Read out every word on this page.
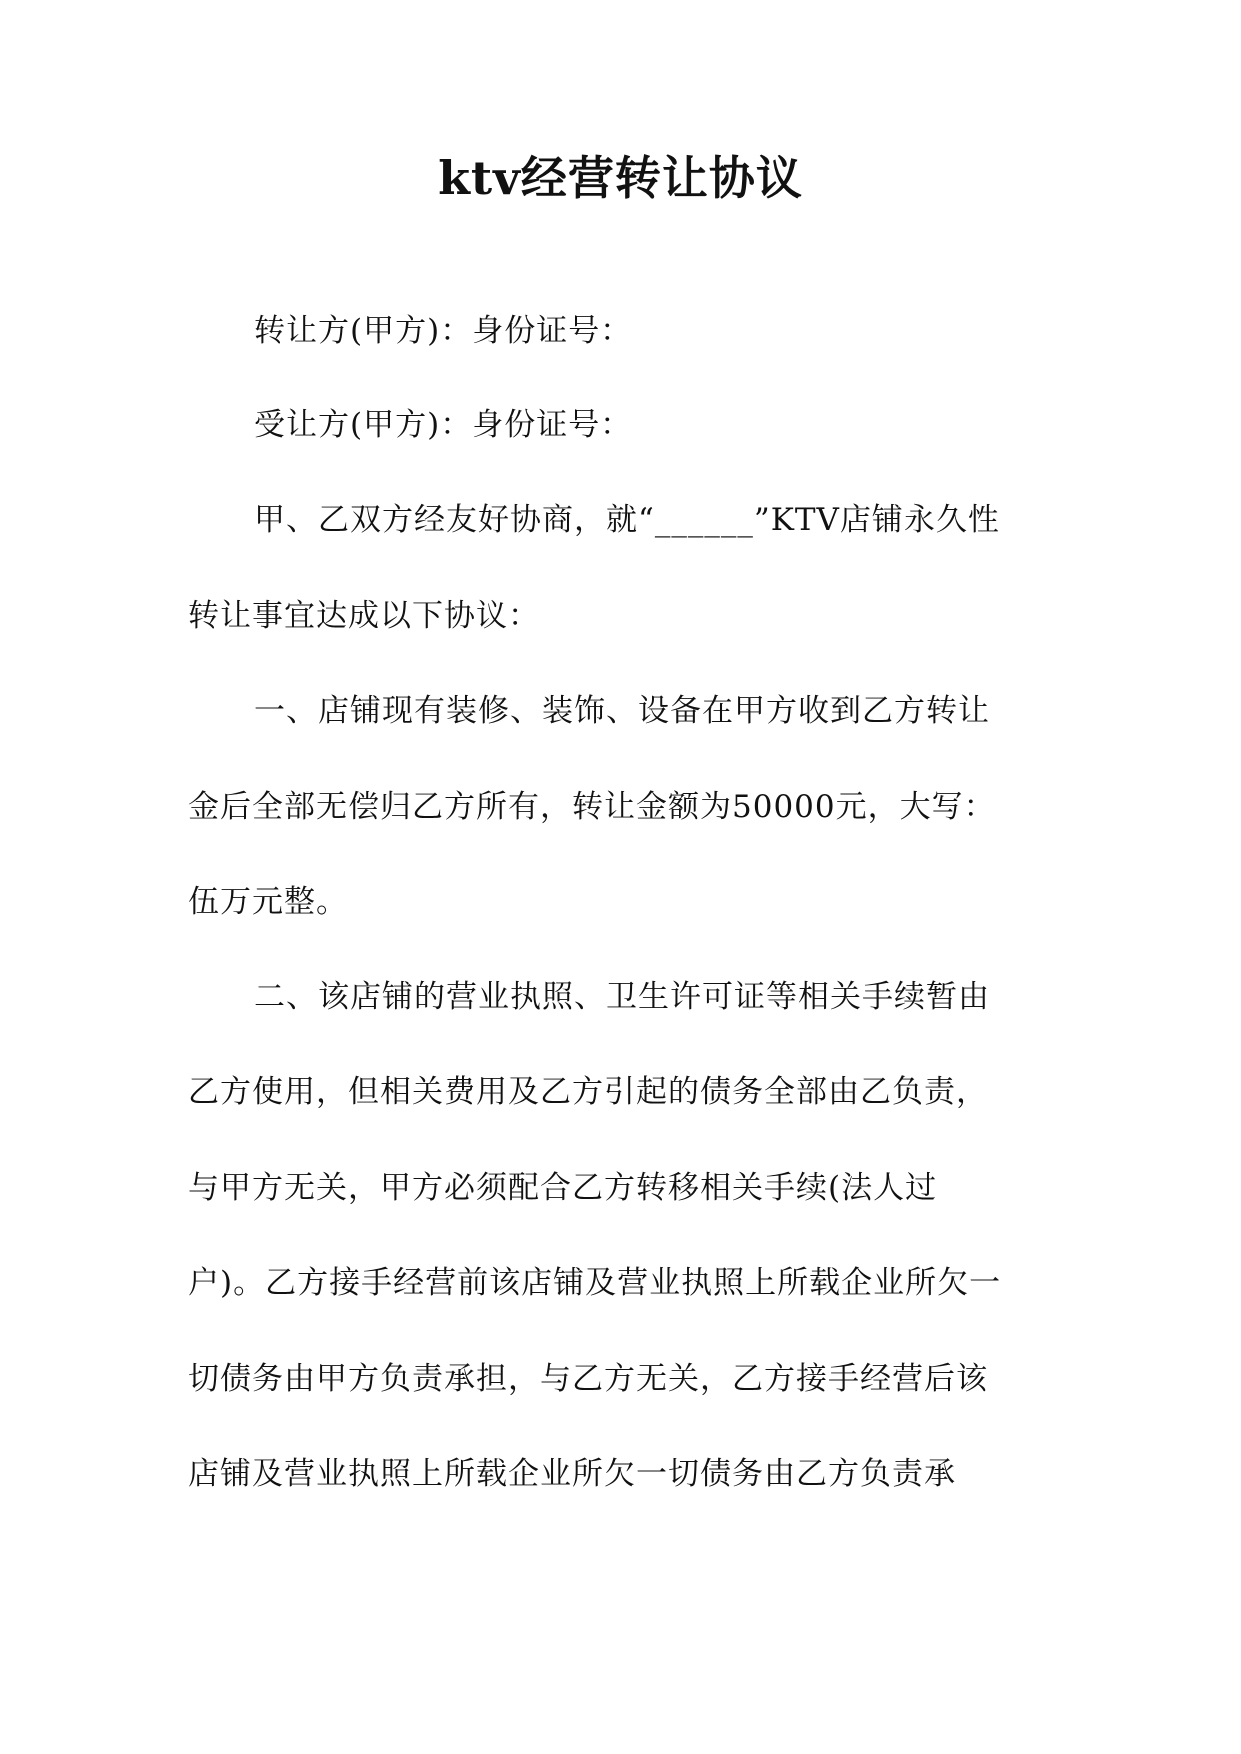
ktv经营转让协议
转让方(甲方)：身份证号：
受让方(甲方)：身份证号：
甲、乙双方经友好协商，就“______”KTV店铺永久性
转让事宜达成以下协议：
一、店铺现有装修、装饰、设备在甲方收到乙方转让
金后全部无偿归乙方所有，转让金额为50000元，大写：
伍万元整。
二、该店铺的营业执照、卫生许可证等相关手续暂由
乙方使用，但相关费用及乙方引起的债务全部由乙负责，
与甲方无关，甲方必须配合乙方转移相关手续(法人过
户)。乙方接手经营前该店铺及营业执照上所载企业所欠一
切债务由甲方负责承担，与乙方无关，乙方接手经营后该
店铺及营业执照上所载企业所欠一切债务由乙方负责承
